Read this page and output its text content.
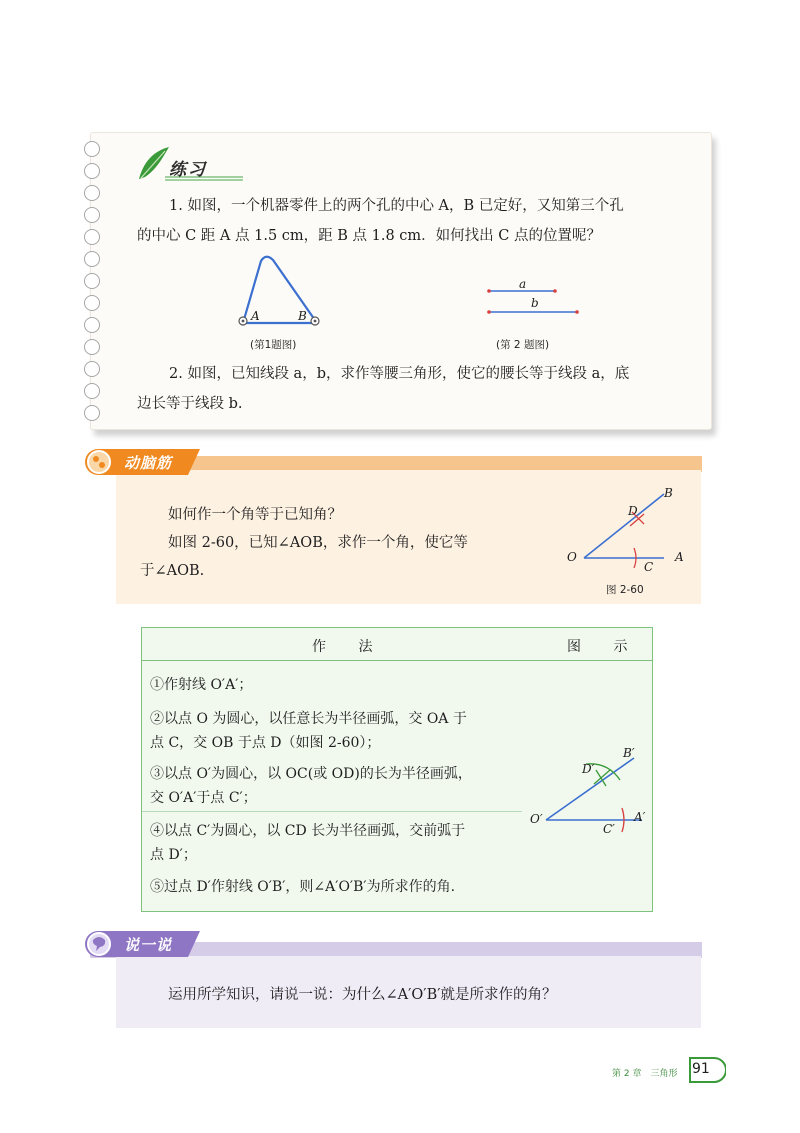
练习
1. 如图，一个机器零件上的两个孔的中心 A，B 已定好，又知第三个孔
的中心 C 距 A 点 1.5 cm，距 B 点 1.8 cm．如何找出 C 点的位置呢？
A	B
(第1题图)
a
b
(第 2 题图)
2. 如图，已知线段 a，b，求作等腰三角形，使它的腰长等于线段 a，底
边长等于线段 b.
动脑筋
如何作一个角等于已知角？
如图 2-60，已知∠AOB，求作一个角，使它等
于∠AOB.
O	A
B
D
C
图 2-60
作 法	图 示
①作射线 O′A′；
②以点 O 为圆心，以任意长为半径画弧，交 OA 于
点 C，交 OB 于点 D（如图 2-60）；
③以点 O′为圆心，以 OC(或 OD)的长为半径画弧，
交 O′A′于点 C′；
④以点 C′为圆心，以 CD 长为半径画弧，交前弧于
点 D′；
⑤过点 D′作射线 O′B′，则∠A′O′B′为所求作的角.
O′	A′
B′
D′
C′
说一说
运用所学知识，请说一说：为什么∠A′O′B′就是所求作的角？
第 2 章　三角形 91
